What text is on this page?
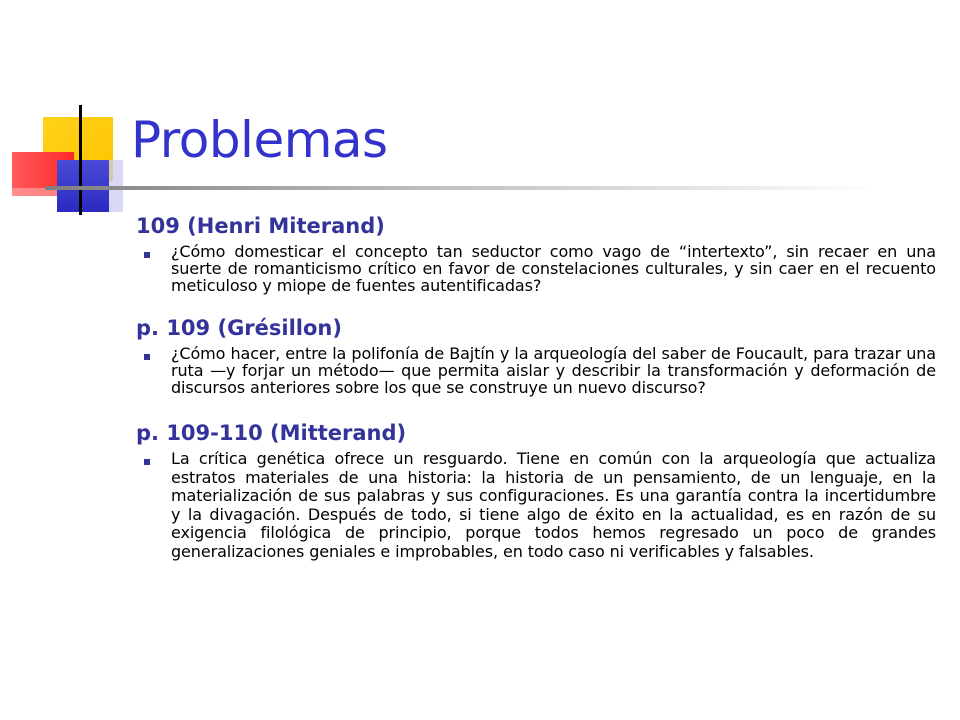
Problemas

109 (Henri Miterand)

¿Cómo domesticar el concepto tan seductor como vago de “intertexto”, sin recaer en una suerte de romanticismo crítico en favor de constelaciones culturales, y sin caer en el recuento meticuloso y miope de fuentes autentificadas?

p. 109 (Grésillon)

¿Cómo hacer, entre la polifonía de Bajtín y la arqueología del saber de Foucault, para trazar una ruta —y forjar un método— que permita aislar y describir la transformación y deformación de discursos anteriores sobre los que se construye un nuevo discurso?

p. 109-110 (Mitterand)

La crítica genética ofrece un resguardo. Tiene en común con la arqueología que actualiza estratos materiales de una historia: la historia de un pensamiento, de un lenguaje, en la materialización de sus palabras y sus configuraciones. Es una garantía contra la incertidumbre y la divagación. Después de todo, si tiene algo de éxito en la actualidad, es en razón de su exigencia filológica de principio, porque todos hemos regresado un poco de grandes generalizaciones geniales e improbables, en todo caso ni verificables y falsables.
